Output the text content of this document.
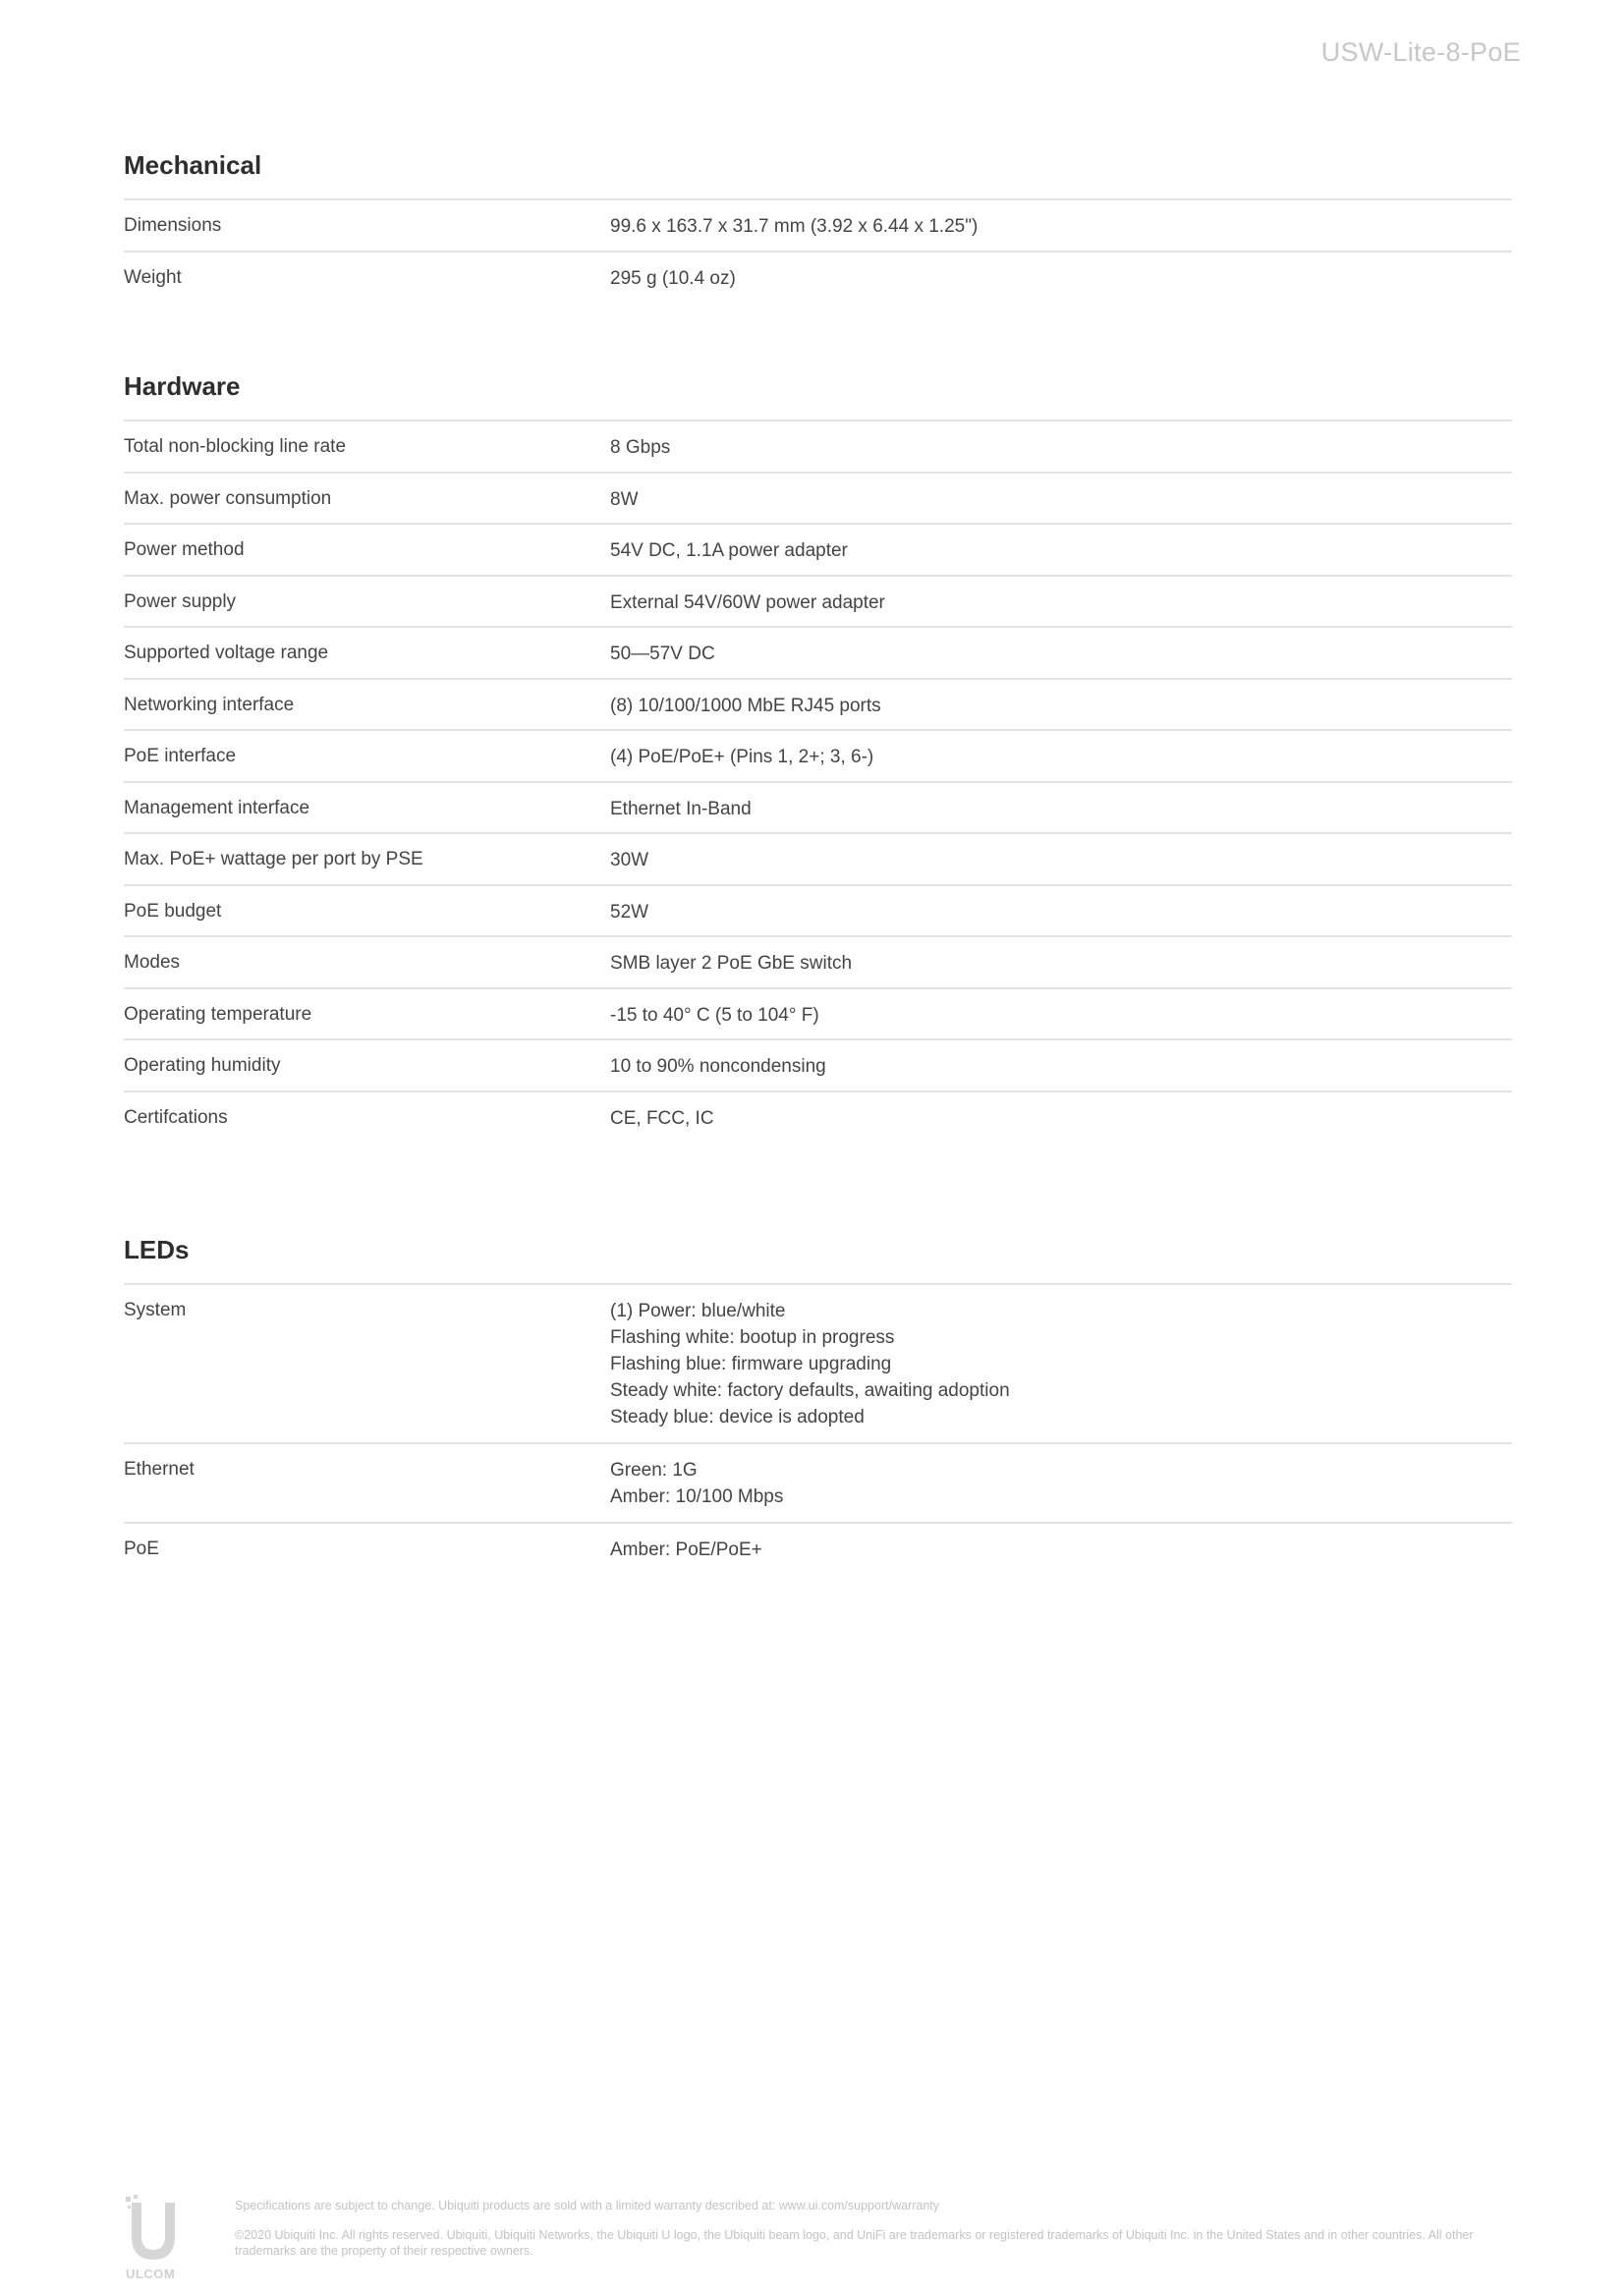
USW-Lite-8-PoE
Mechanical
Dimensions	99.6 x 163.7 x 31.7 mm (3.92 x 6.44 x 1.25")
Weight	295 g (10.4 oz)
Hardware
Total non-blocking line rate	8 Gbps
Max. power consumption	8W
Power method	54V DC, 1.1A power adapter
Power supply	External 54V/60W power adapter
Supported voltage range	50—57V DC
Networking interface	(8) 10/100/1000 MbE RJ45 ports
PoE interface	(4) PoE/PoE+ (Pins 1, 2+; 3, 6-)
Management interface	Ethernet In-Band
Max. PoE+ wattage per port by PSE	30W
PoE budget	52W
Modes	SMB layer 2 PoE GbE switch
Operating temperature	-15 to 40° C (5 to 104° F)
Operating humidity	10 to 90% noncondensing
Certifcations	CE, FCC, IC
LEDs
System	(1) Power: blue/white
Flashing white: bootup in progress
Flashing blue: firmware upgrading
Steady white: factory defaults, awaiting adoption
Steady blue: device is adopted
Ethernet	Green: 1G
Amber: 10/100 Mbps
PoE	Amber: PoE/PoE+
ULCOM

Specifications are subject to change. Ubiquiti products are sold with a limited warranty described at: www.ui.com/support/warranty

©2020 Ubiquiti Inc. All rights reserved. Ubiquiti, Ubiquiti Networks, the Ubiquiti U logo, the Ubiquiti beam logo, and UniFi are trademarks or registered trademarks of Ubiquiti Inc. in the United States and in other countries. All other trademarks are the property of their respective owners.
